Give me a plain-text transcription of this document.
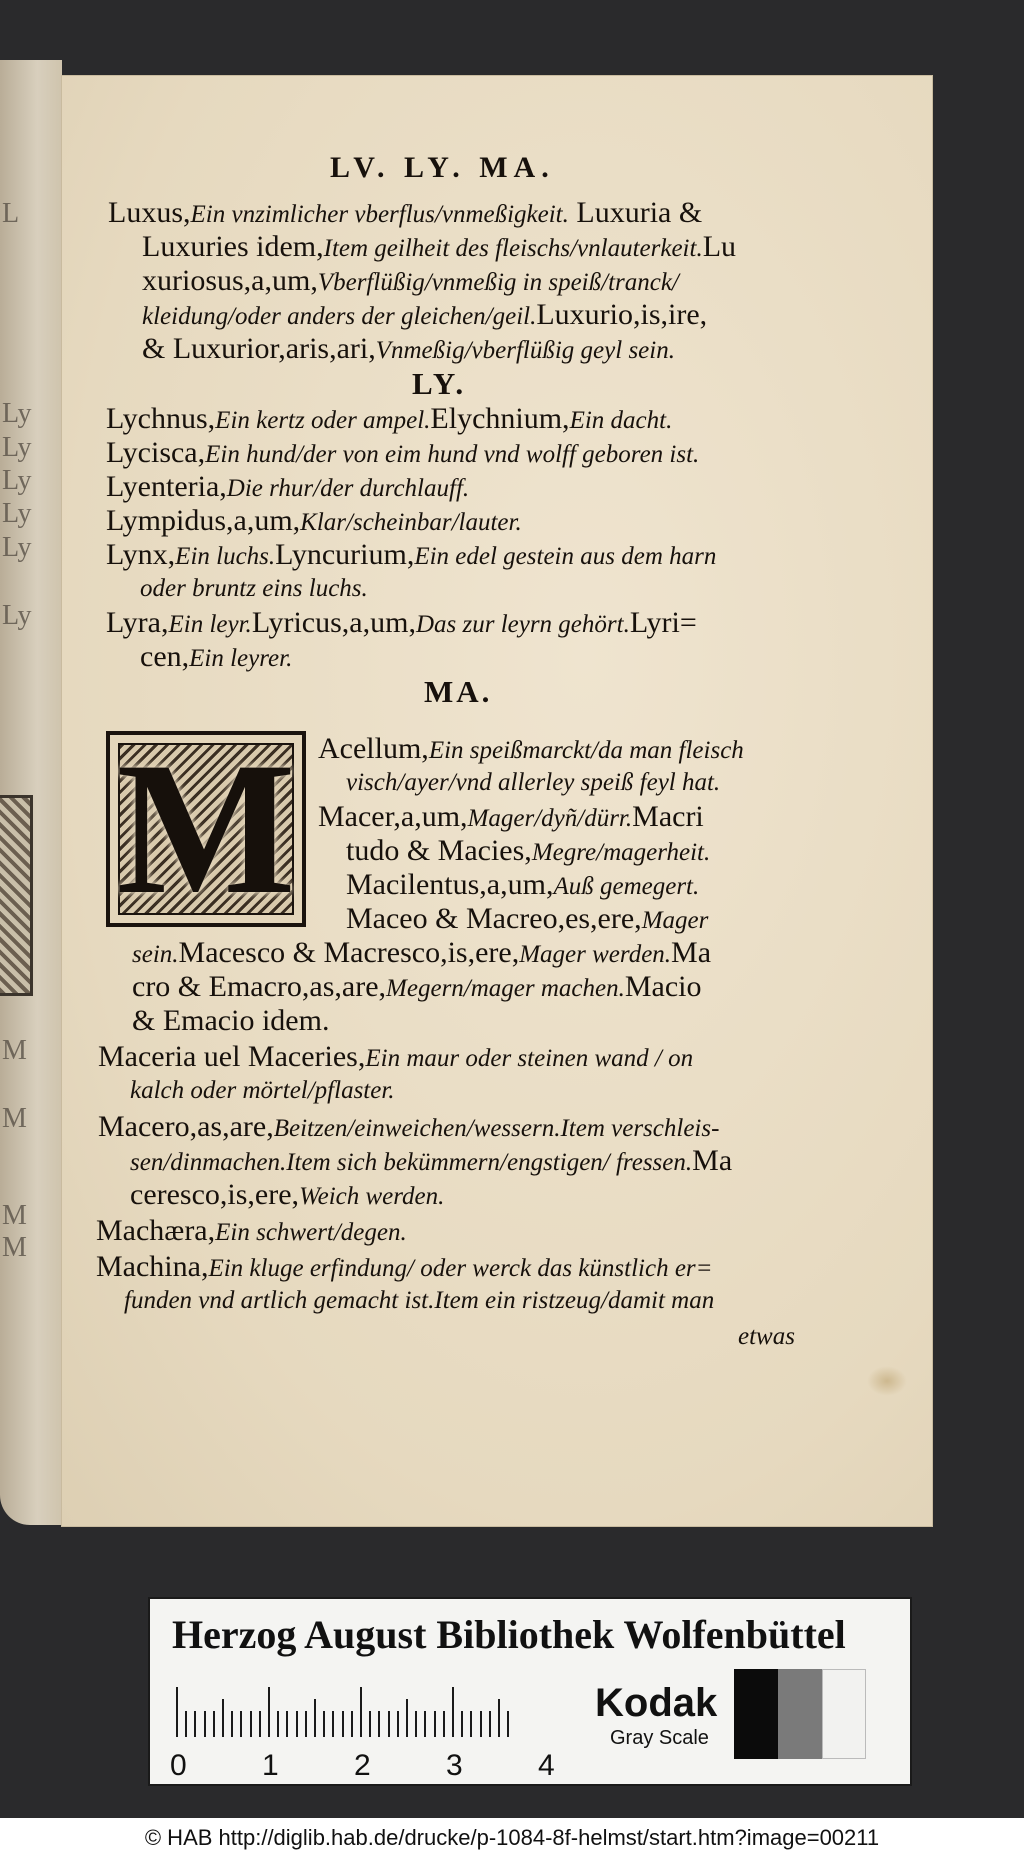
L
Ly
Ly
Ly
Ly
Ly
Ly
M
M
M
M
LV. LY. MA.
Luxus,Ein vnzimlicher vberflus/vnmeßigkeit. Luxuria &
Luxuries idem,Item geilheit des fleischs/vnlauterkeit.Lu
xuriosus,a,um,Vberflüßig/vnmeßig in speiß/tranck/
kleidung/oder anders der gleichen/geil.Luxurio,is,ire,
& Luxurior,aris,ari,Vnmeßig/vberflüßig geyl sein.
LY.
Lychnus,Ein kertz oder ampel.Elychnium,Ein dacht.
Lycisca,Ein hund/der von eim hund vnd wolff geboren ist.
Lyenteria,Die rhur/der durchlauff.
Lympidus,a,um,Klar/scheinbar/lauter.
Lynx,Ein luchs.Lyncurium,Ein edel gestein aus dem harn
oder bruntz eins luchs.
Lyra,Ein leyr.Lyricus,a,um,Das zur leyrn gehört.Lyri=
cen,Ein leyrer.
MA.
M Acellum,Ein speißmarckt/da man fleisch
visch/ayer/vnd allerley speiß feyl hat.
Macer,a,um,Mager/dyñ/dürr.Macri
tudo & Macies,Megre/magerheit.
Macilentus,a,um,Auß gemegert.
Maceo & Macreo,es,ere,Mager
sein.Macesco & Macresco,is,ere,Mager werden.Ma
cro & Emacro,as,are,Megern/mager machen.Macio
& Emacio idem.
Maceria uel Maceries,Ein maur oder steinen wand / on
kalch oder mörtel/pflaster.
Macero,as,are,Beitzen/einweichen/wessern.Item verschleis-
sen/dinmachen.Item sich bekümmern/engstigen/ fressen.Ma
ceresco,is,ere,Weich werden.
Machæra,Ein schwert/degen.
Machina,Ein kluge erfindung/ oder werck das künstlich er=
funden vnd artlich gemacht ist.Item ein ristzeug/damit man
etwas
Herzog August Bibliothek Wolfenbüttel
0	1	2	3	4
Kodak
Gray Scale
© HAB http://diglib.hab.de/drucke/p-1084-8f-helmst/start.htm?image=00211
